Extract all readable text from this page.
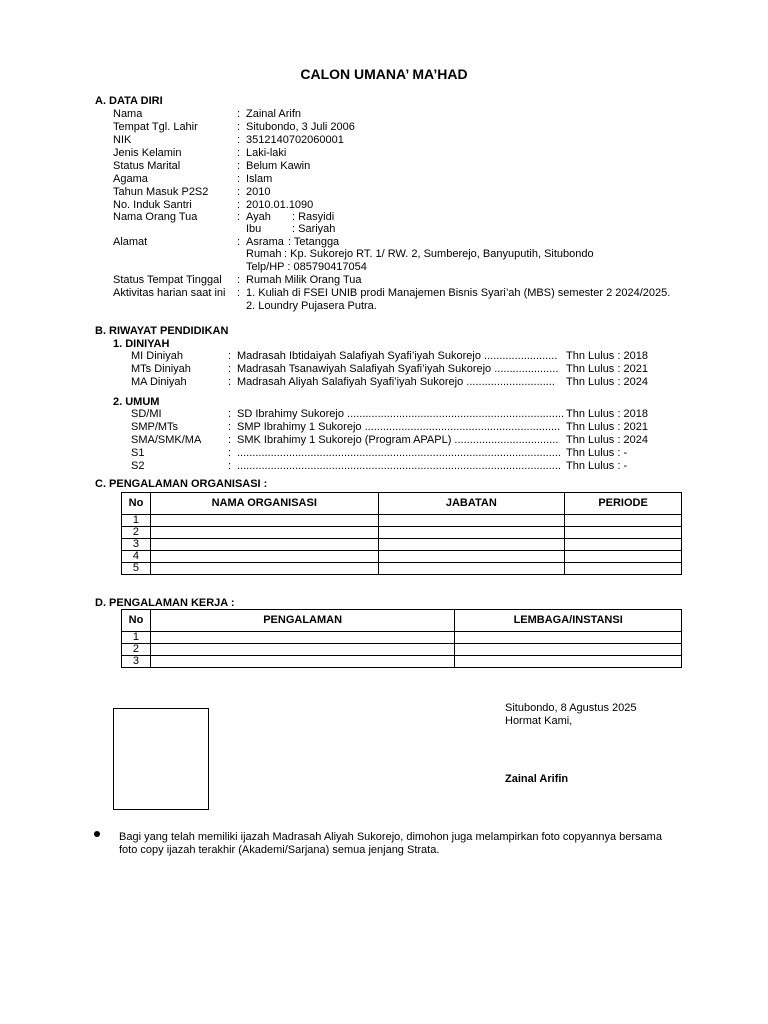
CALON UMANA’ MA’HAD
A. DATA DIRI
Nama	: Zainal Arifn
Tempat Tgl. Lahir	: Situbondo, 3 Juli 2006
NIK	: 3512140702060001
Jenis Kelamin	: Laki-laki
Status Marital	: Belum Kawin
Agama	: Islam
Tahun Masuk P2S2	: 2010
No. Induk Santri	: 2010.01.1090
Nama Orang Tua	: Ayah : Rasyidi
Ibu	: Sariyah
Alamat	: Asrama : Tetangga
Rumah : Kp. Sukorejo RT. 1/ RW. 2, Sumberejo, Banyuputih, Situbondo
Telp/HP : 085790417054
Status Tempat Tinggal : Rumah Milik Orang Tua
Aktivitas harian saat ini : 1. Kuliah di FSEI UNIB prodi Manajemen Bisnis Syari’ah (MBS) semester 2 2024/2025.
2. Loundry Pujasera Putra.
B. RIWAYAT PENDIDIKAN
1. DINIYAH
MI Diniyah	: Madrasah Ibtidaiyah Salafiyah Syafi’iyah Sukorejo ........................ Thn Lulus : 2018
MTs Diniyah	: Madrasah Tsanawiyah Salafiyah Syafi’iyah Sukorejo ..................... Thn Lulus : 2021
MA Diniyah	: Madrasah Aliyah Salafiyah Syafi’iyah Sukorejo .............................	Thn Lulus : 2024
2. UMUM
SD/MI	: SD Ibrahimy Sukorejo ....................................................................... Thn Lulus : 2018
SMP/MTs	: SMP Ibrahimy 1 Sukorejo ................................................................ Thn Lulus : 2021
SMA/SMK/MA : SMK Ibrahimy 1 Sukorejo (Program APAPL) .................................. Thn Lulus : 2024
S1	: .......................................................................................................... Thn Lulus : -
S2	: .......................................................................................................... Thn Lulus : -
C. PENGALAMAN ORGANISASI :
No	NAMA ORGANISASI	JABATAN	PERIODE
1			
2			
3			
4			
5			
D. PENGALAMAN KERJA :
No	PENGALAMAN	LEMBAGA/INSTANSI
1		
2		
3		
Situbondo, 8 Agustus 2025
Hormat Kami,
Zainal Arifin
Bagi yang telah memiliki ijazah Madrasah Aliyah Sukorejo, dimohon juga melampirkan foto copyannya bersama
foto copy ijazah terakhir (Akademi/Sarjana) semua jenjang Strata.
